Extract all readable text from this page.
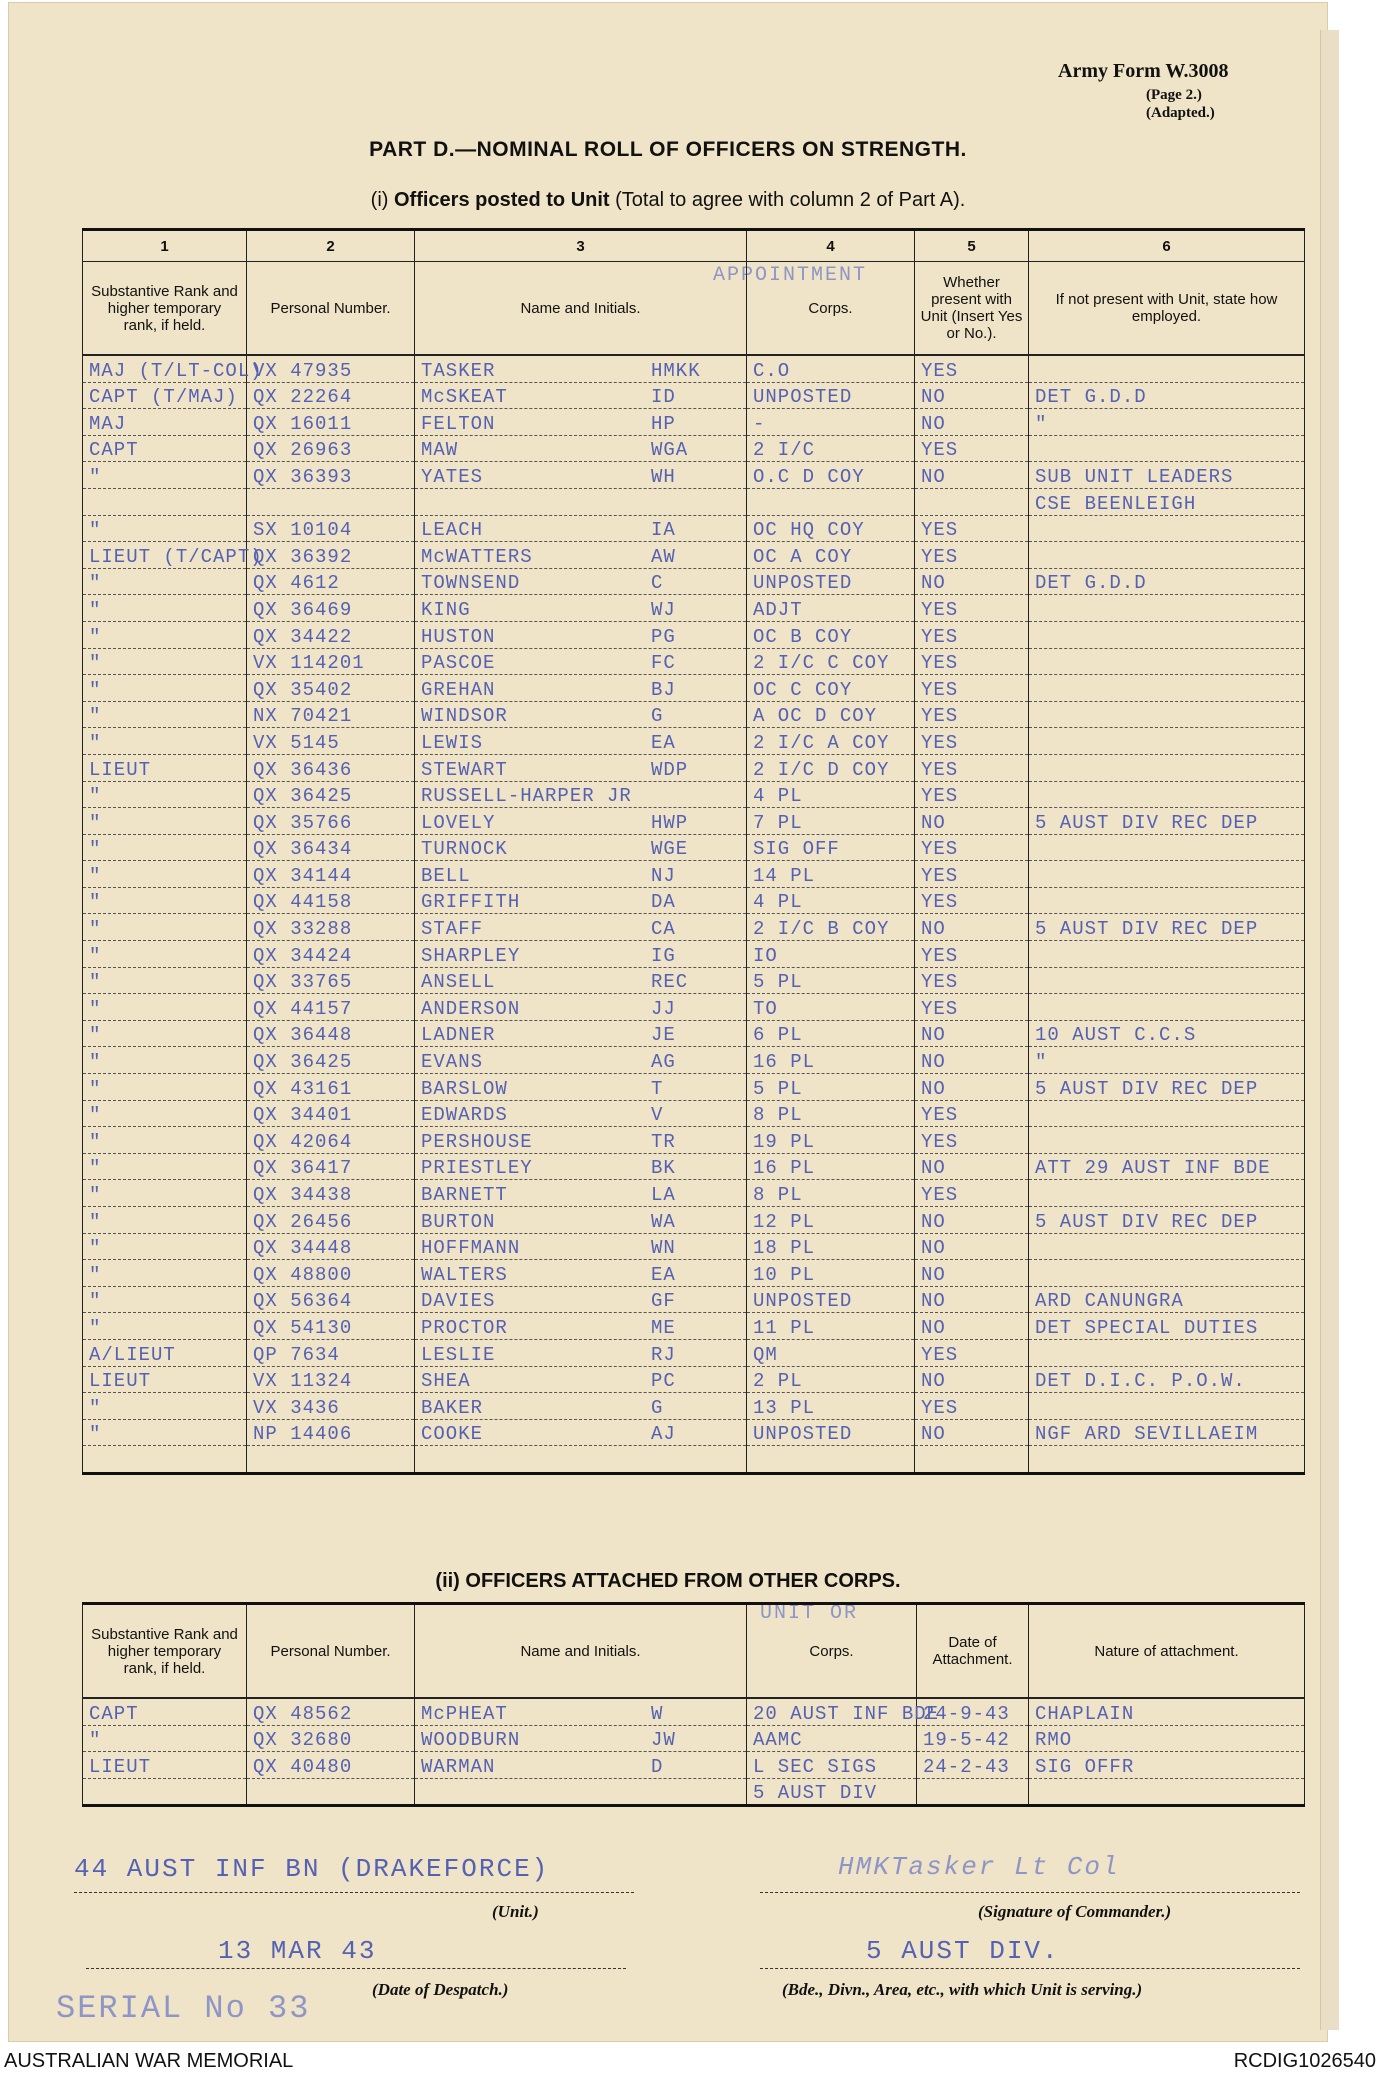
Army Form W.3008
(Page 2.)
(Adapted.)
PART D.—NOMINAL ROLL OF OFFICERS ON STRENGTH.
(i) Officers posted to Unit (Total to agree with column 2 of Part A).
APPOINTMENT
1	2	3	4	5	6
Substantive Rank and higher temporary rank, if held.	Personal Number.	Name and Initials.	Corps.	Whether present with Unit (Insert Yes or No.).	If not present with Unit, state how employed.
MAJ (T/LT-COL)	VX 47935	TASKER HMKK	C.O	YES	
CAPT (T/MAJ)	QX 22264	McSKEAT ID	UNPOSTED	NO	DET G.D.D
MAJ	QX 16011	FELTON HP	-	NO	"
CAPT	QX 26963	MAW WGA	2 I/C	YES	
"	QX 36393	YATES WH	O.C D COY	NO	SUB UNIT LEADERS
					CSE BEENLEIGH
"	SX 10104	LEACH IA	OC HQ COY	YES	
LIEUT (T/CAPT)	QX 36392	McWATTERS AW	OC A COY	YES	
"	QX 4612	TOWNSEND C	UNPOSTED	NO	DET G.D.D
"	QX 36469	KING WJ	ADJT	YES	
"	QX 34422	HUSTON PG	OC B COY	YES	
"	VX 114201	PASCOE FC	2 I/C C COY	YES	
"	QX 35402	GREHAN BJ	OC C COY	YES	
"	NX 70421	WINDSOR G	A OC D COY	YES	
"	VX 5145	LEWIS EA	2 I/C A COY	YES	
LIEUT	QX 36436	STEWART WDP	2 I/C D COY	YES	
"	QX 36425	RUSSELL-HARPER JR	4 PL	YES	
"	QX 35766	LOVELY HWP	7 PL	NO	5 AUST DIV REC DEP
"	QX 36434	TURNOCK WGE	SIG OFF	YES	
"	QX 34144	BELL NJ	14 PL	YES	
"	QX 44158	GRIFFITH DA	4 PL	YES	
"	QX 33288	STAFF CA	2 I/C B COY	NO	5 AUST DIV REC DEP
"	QX 34424	SHARPLEY IG	IO	YES	
"	QX 33765	ANSELL REC	5 PL	YES	
"	QX 44157	ANDERSON JJ	TO	YES	
"	QX 36448	LADNER JE	6 PL	NO	10 AUST C.C.S
"	QX 36425	EVANS AG	16 PL	NO	"
"	QX 43161	BARSLOW T	5 PL	NO	5 AUST DIV REC DEP
"	QX 34401	EDWARDS V	8 PL	YES	
"	QX 42064	PERSHOUSE TR	19 PL	YES	
"	QX 36417	PRIESTLEY BK	16 PL	NO	ATT 29 AUST INF BDE
"	QX 34438	BARNETT LA	8 PL	YES	
"	QX 26456	BURTON WA	12 PL	NO	5 AUST DIV REC DEP
"	QX 34448	HOFFMANN WN	18 PL	NO	
"	QX 48800	WALTERS EA	10 PL	NO	
"	QX 56364	DAVIES GF	UNPOSTED	NO	ARD CANUNGRA
"	QX 54130	PROCTOR ME	11 PL	NO	DET SPECIAL DUTIES
A/LIEUT	QP 7634	LESLIE RJ	QM	YES	
LIEUT	VX 11324	SHEA PC	2 PL	NO	DET D.I.C. P.O.W.
"	VX 3436	BAKER G	13 PL	YES	
"	NP 14406	COOKE AJ	UNPOSTED	NO	NGF ARD SEVILLAEIM

(ii) OFFICERS ATTACHED FROM OTHER CORPS.
UNIT OR
Substantive Rank and higher temporary rank, if held.	Personal Number.	Name and Initials.	Corps.	Date of Attachment.	Nature of attachment.
CAPT	QX 48562	McPHEAT W	20 AUST INF BDE	24-9-43	CHAPLAIN
"	QX 32680	WOODBURN JW	AAMC	19-5-42	RMO
LIEUT	QX 40480	WARMAN D	L SEC SIGS	24-2-43	SIG OFFR
			5 AUST DIV		
44 AUST INF BN (DRAKEFORCE)
(Unit.)
HMKTasker Lt Col
(Signature of Commander.)
13 MAR 43
(Date of Despatch.)
5 AUST DIV.
(Bde., Divn., Area, etc., with which Unit is serving.)
SERIAL No 33
AUSTRALIAN WAR MEMORIAL	RCDIG1026540
